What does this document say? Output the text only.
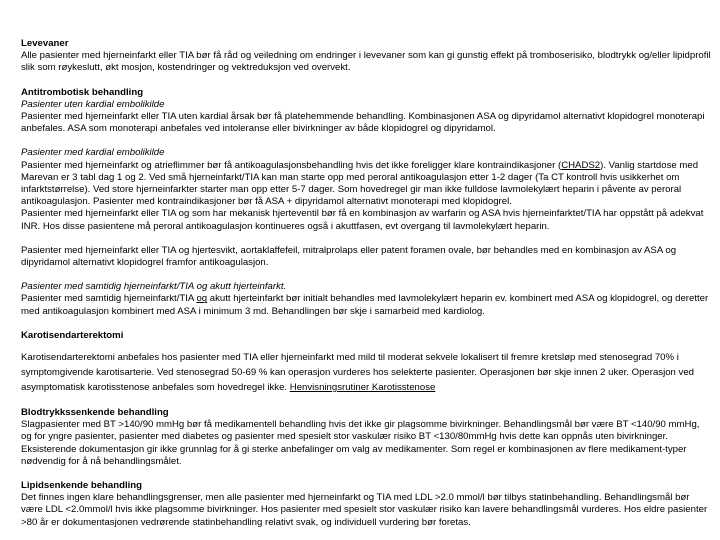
Levevaner

Alle pasienter med hjerneinfarkt eller TIA bør få råd og veiledning om endringer i levevaner som kan gi gunstig effekt på tromboserisiko, blodtrykk og/eller lipidprofil slik som røykeslutt, økt mosjon, kostendringer og vektreduksjon ved overvekt.

Antitrombotisk behandling

Pasienter uten kardial embolikilde

Pasienter med hjerneinfarkt eller TIA uten kardial årsak bør få platehemmende behandling. Kombinasjonen ASA og dipyridamol alternativt klopidogrel monoterapi anbefales. ASA som monoterapi anbefales ved intoleranse eller bivirkninger av både klopidogrel og dipyridamol.

Pasienter med kardial embolikilde

Pasienter med hjerneinfarkt og atrieflimmer bør få antikoagulasjonsbehandling hvis det ikke foreligger klare kontraindikasjoner (CHADS2). Vanlig startdose med Marevan er 3 tabl dag 1 og 2. Ved små hjerneinfarkt/TIA kan man starte opp med peroral antikoagulasjon etter 1-2 dager (Ta CT kontroll hvis usikkerhet om infarktstørrelse). Ved store hjerneinfarkter starter man opp etter 5-7 dager. Som hovedregel gir man ikke fulldose lavmolekylært heparin i påvente av peroral antikoagulasjon. Pasienter med kontraindikasjoner bør få ASA + dipyridamol alternativt monoterapi med klopidogrel.

Pasienter med hjerneinfarkt eller TIA og som har mekanisk hjerteventil bør få en kombinasjon av warfarin og ASA hvis hjerneinfarktet/TIA har oppstått på adekvat INR. Hos disse pasientene må peroral antikoagulasjon kontinueres også i akuttfasen, evt overgang til lavmolekylært heparin.

Pasienter med hjerneinfarkt eller TIA og hjertesvikt, aortaklaffefeil, mitralprolaps eller patent foramen ovale, bør behandles med en kombinasjon av ASA og dipyridamol alternativt klopidogrel framfor antikoagulasjon.

Pasienter med samtidig hjerneinfarkt/TIA og akutt hjerteinfarkt.

Pasienter med samtidig hjerneinfarkt/TIA og akutt hjerteinfarkt bør initialt behandles med lavmolekylært heparin ev. kombinert med ASA og klopidogrel, og deretter med antikoagulasjon kombinert med ASA i minimum 3 md. Behandlingen bør skje i samarbeid med kardiolog.

Karotisendarterektomi

Karotisendarterektomi anbefales hos pasienter med TIA eller hjerneinfarkt med mild til moderat sekvele lokalisert til fremre kretsløp med stenosegrad 70% i symptomgivende karotisarterie. Ved stenosegrad 50-69 % kan operasjon vurderes hos selekterte pasienter. Operasjonen bør skje innen 2 uker. Operasjon ved asymptomatisk karotisstenose anbefales som hovedregel ikke. Henvisningsrutiner Karotisstenose

Blodtrykkssenkende behandling

Slagpasienter med BT >140/90 mmHg bør få medikamentell behandling hvis det ikke gir plagsomme bivirkninger. Behandlingsmål bør være BT <140/90 mmHg, og for yngre pasienter, pasienter med diabetes og pasienter med spesielt stor vaskulær risiko BT <130/80mmHg hvis dette kan oppnås uten bivirkninger.

Eksisterende dokumentasjon gir ikke grunnlag for å gi sterke anbefalinger om valg av medikamenter. Som regel er kombinasjonen av flere medikament-typer nødvendig for å nå behandlingsmålet.

Lipidsenkende behandling

Det finnes ingen klare behandlingsgrenser, men alle pasienter med hjerneinfarkt og TIA med LDL >2.0 mmol/l bør tilbys statinbehandling. Behandlingsmål bør være LDL <2.0mmol/l hvis ikke plagsomme bivirkninger. Hos pasienter med spesielt stor vaskulær risiko kan lavere behandlingsmål vurderes. Hos eldre pasienter >80 år er dokumentasjonen vedrørende statinbehandling relativt svak, og individuell vurdering bør foretas.
